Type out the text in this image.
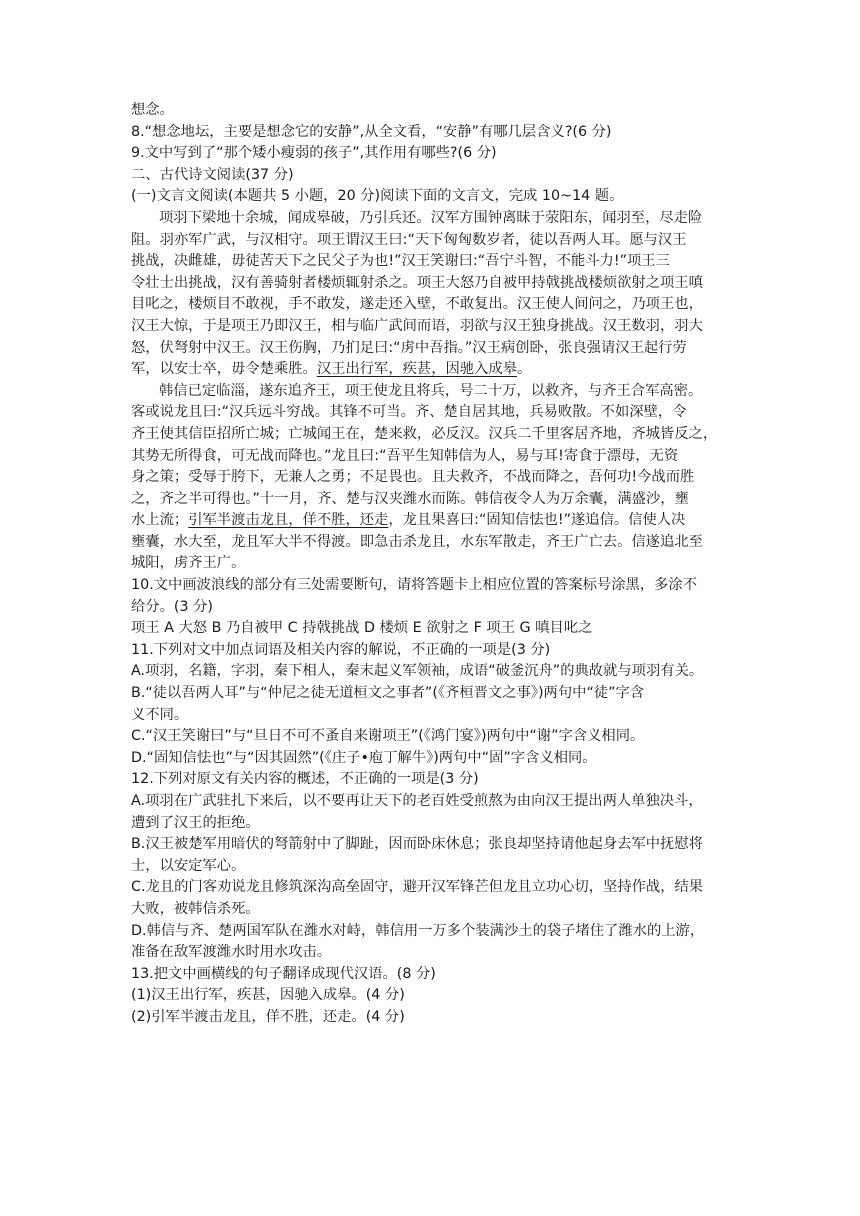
想念。
8.“想念地坛，主要是想念它的安静”,从全文看，“安静”有哪几层含义?(6 分)
9.文中写到了“那个矮小瘦弱的孩子”,其作用有哪些?(6 分)
二、古代诗文阅读(37 分)
(一)文言文阅读(本题共 5 小题，20 分)阅读下面的文言文，完成 10~14 题。
项羽下梁地十余城，闻成皋破，乃引兵还。汉军方围钟离昧于荥阳东，闻羽至，尽走险
阻。羽亦军广武，与汉相守。项王谓汉王曰:“天下匈匈数岁者，徒以吾两人耳。愿与汉王
挑战，决雌雄，毋徒苦天下之民父子为也!”汉王笑谢曰:“吾宁斗智，不能斗力!”项王三
令壮士出挑战，汉有善骑射者楼烦辄射杀之。项王大怒乃自被甲持戟挑战楼烦欲射之项王嗔
目叱之，楼烦目不敢视，手不敢发，遂走还入壁，不敢复出。汉王使人间问之，乃项王也，
汉王大惊，于是项王乃即汉王，相与临广武间而语，羽欲与汉王独身挑战。汉王数羽，羽大
怒，伏弩射中汉王。汉王伤胸，乃扪足曰:“虏中吾指。”汉王病创卧，张良强请汉王起行劳
军，以安士卒，毋令楚乘胜。汉王出行军，疾甚，因驰入成皋。
韩信已定临淄，遂东追齐王，项王使龙且将兵，号二十万，以救齐，与齐王合军高密。
客或说龙且曰:“汉兵远斗穷战。其锋不可当。齐、楚自居其地，兵易败散。不如深壁，令
齐王使其信臣招所亡城；亡城闻王在，楚来救，必反汉。汉兵二千里客居齐地，齐城皆反之，
其势无所得食，可无战而降也。”龙且曰:“吾平生知韩信为人，易与耳!寄食于漂母，无资
身之策；受辱于胯下，无兼人之勇；不足畏也。且夫救齐，不战而降之，吾何功!今战而胜
之，齐之半可得也。”十一月，齐、楚与汉夹潍水而陈。韩信夜令人为万余囊，满盛沙，壅
水上流；引军半渡击龙且，佯不胜，还走，龙且果喜曰:“固知信怯也!”遂追信。信使人决
壅囊，水大至，龙且军大半不得渡。即急击杀龙且，水东军散走，齐王广亡去。信遂追北至
城阳，虏齐王广。
10.文中画波浪线的部分有三处需要断句，请将答题卡上相应位置的答案标号涂黑，多涂不
给分。(3 分)
项王 A 大怒 B 乃自被甲 C 持戟挑战 D 楼烦 E 欲射之 F 项王 G 嗔目叱之
11.下列对文中加点词语及相关内容的解说，不正确的一项是(3 分)
A.项羽，名籍，字羽，秦下相人，秦末起义军领袖，成语“破釜沉舟”的典故就与项羽有关。
B.“徒以吾两人耳”与“仲尼之徒无道桓文之事者”(《齐桓晋文之事》)两句中“徒”字含
义不同。
C.“汉王笑谢曰”与“旦日不可不蚤自来谢项王”(《鸿门宴》)两句中“谢”字含义相同。
D.“固知信怯也”与“因其固然”(《庄子•庖丁解牛》)两句中“固”字含义相同。
12.下列对原文有关内容的概述，不正确的一项是(3 分)
A.项羽在广武驻扎下来后，以不要再让天下的老百姓受煎熬为由向汉王提出两人单独决斗，
遭到了汉王的拒绝。
B.汉王被楚军用暗伏的弩箭射中了脚趾，因而卧床休息；张良却坚持请他起身去军中抚慰将
士，以安定军心。
C.龙且的门客劝说龙且修筑深沟高垒固守，避开汉军锋芒但龙且立功心切，坚持作战，结果
大败，被韩信杀死。
D.韩信与齐、楚两国军队在潍水对峙，韩信用一万多个装满沙土的袋子堵住了潍水的上游，
准备在敌军渡潍水时用水攻击。
13.把文中画横线的句子翻译成现代汉语。(8 分)
(1)汉王出行军，疾甚，因驰入成皋。(4 分)
(2)引军半渡击龙且，佯不胜，还走。(4 分)
